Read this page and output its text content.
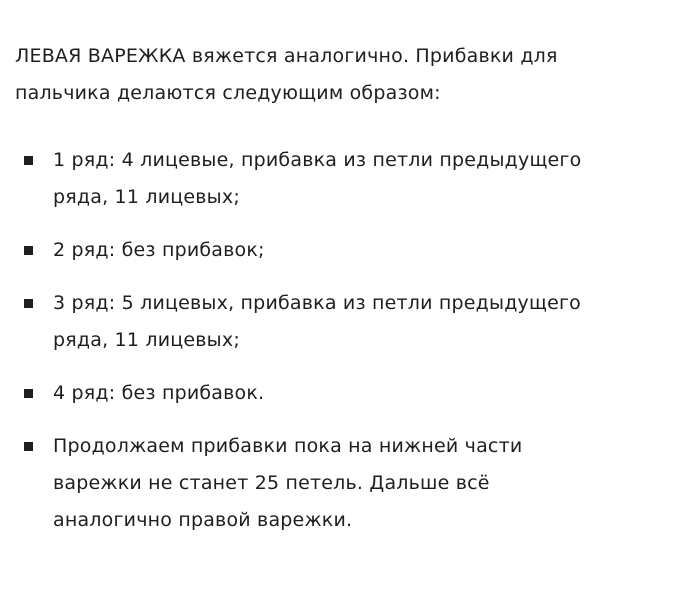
ЛЕВАЯ ВАРЕЖКА вяжется аналогично. Прибавки для
пальчика делаются следующим образом:

1 ряд: 4 лицевые, прибавка из петли предыдущего
ряда, 11 лицевых;
2 ряд: без прибавок;
3 ряд: 5 лицевых, прибавка из петли предыдущего
ряда, 11 лицевых;
4 ряд: без прибавок.
Продолжаем прибавки пока на нижней части
варежки не станет 25 петель. Дальше всё
аналогично правой варежки.
